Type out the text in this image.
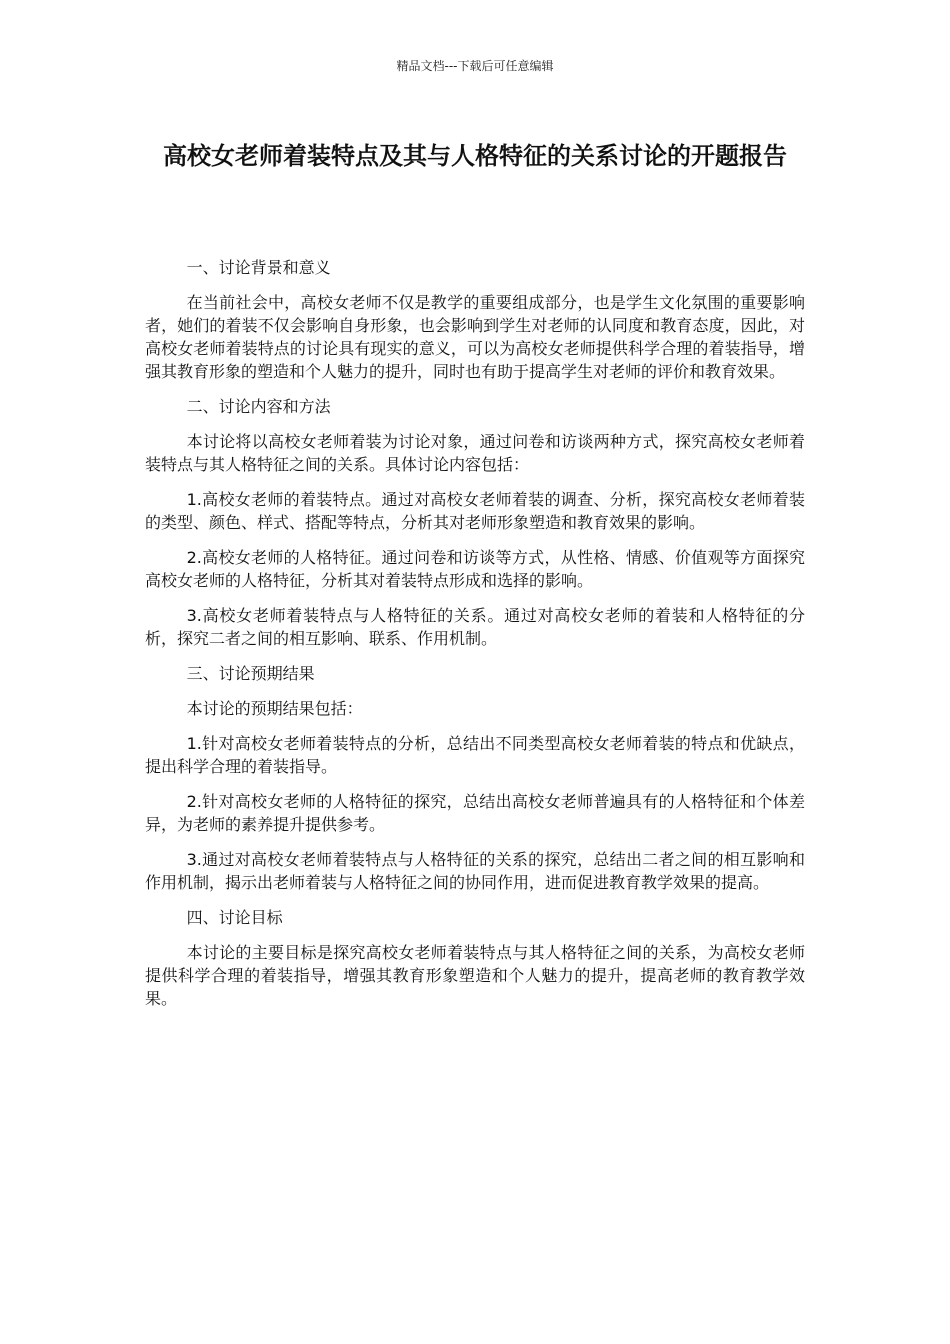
精品文档---下载后可任意编辑
高校女老师着装特点及其与人格特征的关系讨论的开题报告

一、讨论背景和意义

在当前社会中，高校女老师不仅是教学的重要组成部分，也是学生文化氛围的重要影响者，她们的着装不仅会影响自身形象，也会影响到学生对老师的认同度和教育态度，因此，对高校女老师着装特点的讨论具有现实的意义，可以为高校女老师提供科学合理的着装指导，增强其教育形象的塑造和个人魅力的提升，同时也有助于提高学生对老师的评价和教育效果。

二、讨论内容和方法

本讨论将以高校女老师着装为讨论对象，通过问卷和访谈两种方式，探究高校女老师着装特点与其人格特征之间的关系。具体讨论内容包括：

1.高校女老师的着装特点。通过对高校女老师着装的调查、分析，探究高校女老师着装的类型、颜色、样式、搭配等特点，分析其对老师形象塑造和教育效果的影响。

2.高校女老师的人格特征。通过问卷和访谈等方式，从性格、情感、价值观等方面探究高校女老师的人格特征，分析其对着装特点形成和选择的影响。

3.高校女老师着装特点与人格特征的关系。通过对高校女老师的着装和人格特征的分析，探究二者之间的相互影响、联系、作用机制。

三、讨论预期结果

本讨论的预期结果包括：

1.针对高校女老师着装特点的分析，总结出不同类型高校女老师着装的特点和优缺点，提出科学合理的着装指导。

2.针对高校女老师的人格特征的探究，总结出高校女老师普遍具有的人格特征和个体差异，为老师的素养提升提供参考。

3.通过对高校女老师着装特点与人格特征的关系的探究，总结出二者之间的相互影响和作用机制，揭示出老师着装与人格特征之间的协同作用，进而促进教育教学效果的提高。

四、讨论目标

本讨论的主要目标是探究高校女老师着装特点与其人格特征之间的关系，为高校女老师提供科学合理的着装指导，增强其教育形象塑造和个人魅力的提升，提高老师的教育教学效果。
